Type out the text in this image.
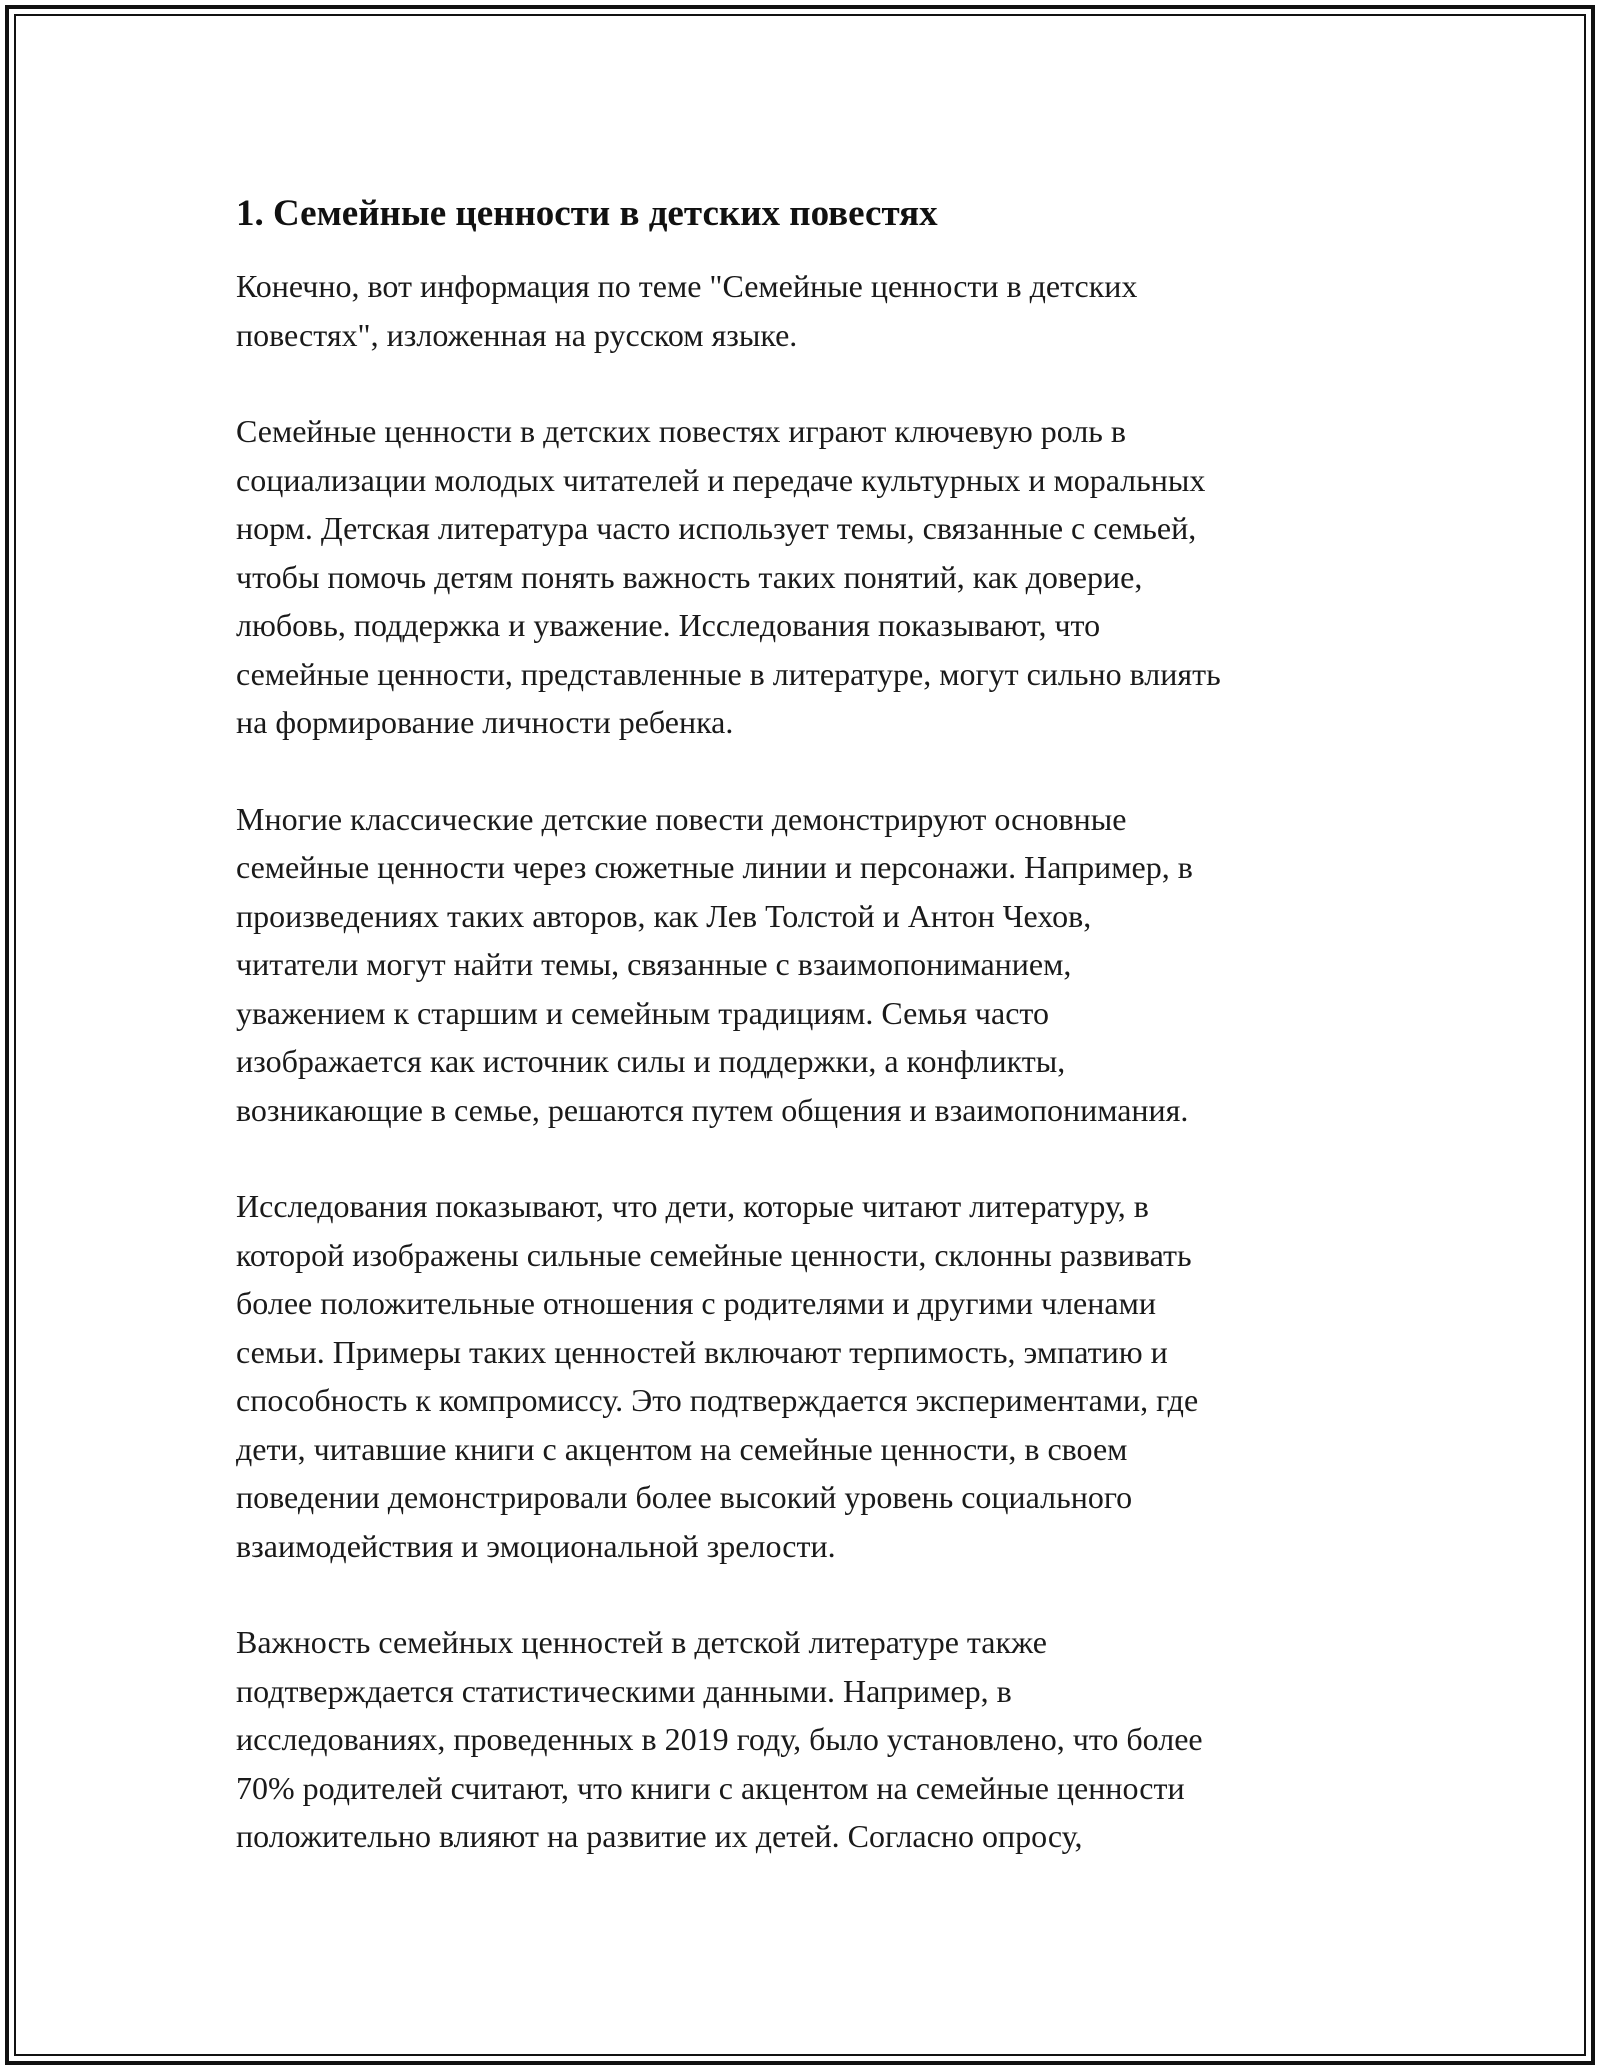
1. Семейные ценности в детских повестях

Конечно, вот информация по теме "Семейные ценности в детских
повестях", изложенная на русском языке.

Семейные ценности в детских повестях играют ключевую роль в
социализации молодых читателей и передаче культурных и моральных
норм. Детская литература часто использует темы, связанные с семьей,
чтобы помочь детям понять важность таких понятий, как доверие,
любовь, поддержка и уважение. Исследования показывают, что
семейные ценности, представленные в литературе, могут сильно влиять
на формирование личности ребенка.

Многие классические детские повести демонстрируют основные
семейные ценности через сюжетные линии и персонажи. Например, в
произведениях таких авторов, как Лев Толстой и Антон Чехов,
читатели могут найти темы, связанные с взаимопониманием,
уважением к старшим и семейным традициям. Семья часто
изображается как источник силы и поддержки, а конфликты,
возникающие в семье, решаются путем общения и взаимопонимания.

Исследования показывают, что дети, которые читают литературу, в
которой изображены сильные семейные ценности, склонны развивать
более положительные отношения с родителями и другими членами
семьи. Примеры таких ценностей включают терпимость, эмпатию и
способность к компромиссу. Это подтверждается экспериментами, где
дети, читавшие книги с акцентом на семейные ценности, в своем
поведении демонстрировали более высокий уровень социального
взаимодействия и эмоциональной зрелости.

Важность семейных ценностей в детской литературе также
подтверждается статистическими данными. Например, в
исследованиях, проведенных в 2019 году, было установлено, что более
70% родителей считают, что книги с акцентом на семейные ценности
положительно влияют на развитие их детей. Согласно опросу,
